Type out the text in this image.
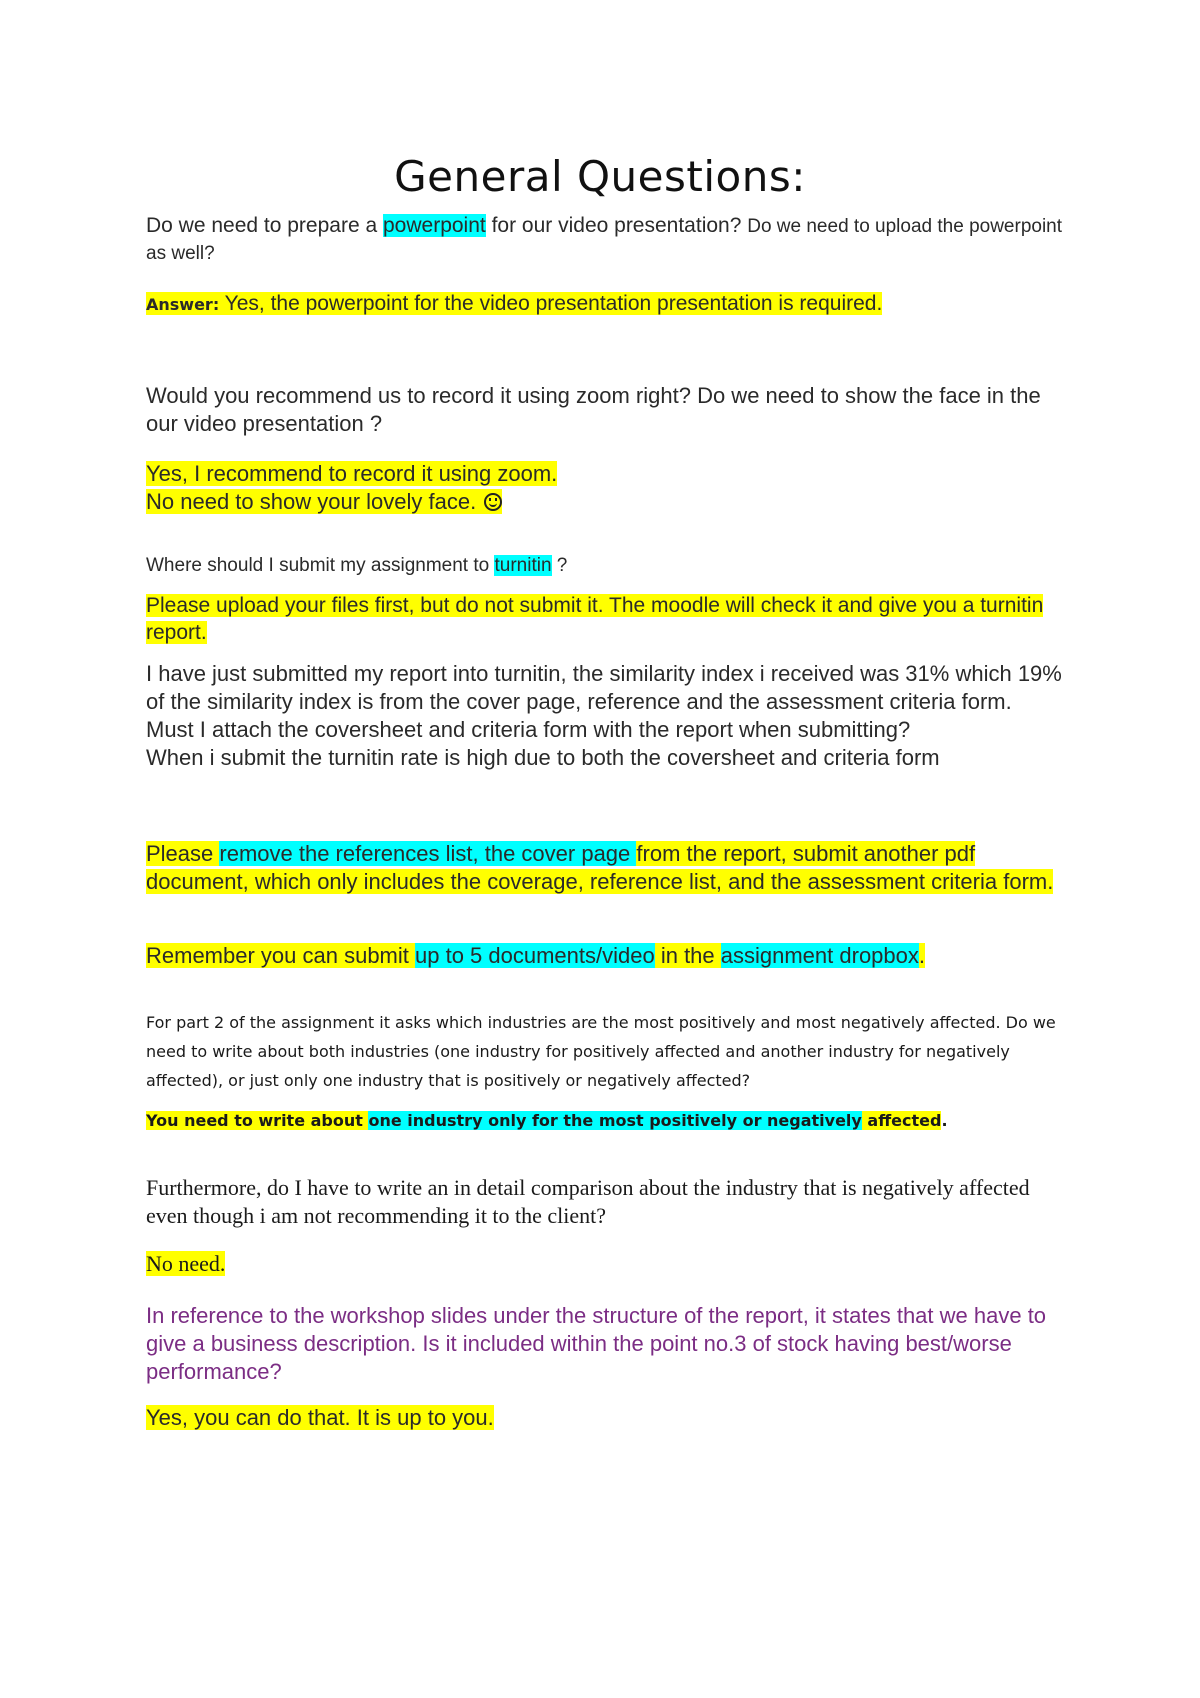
General Questions:

Do we need to prepare a powerpoint for our video presentation? Do we need to upload the powerpoint as well?

Answer: Yes, the powerpoint for the video presentation presentation is required.

Would you recommend us to record it using zoom right? Do we need to show the face in the our video presentation ?

Yes, I recommend to record it using zoom.
No need to show your lovely face.

Where should I submit my assignment to turnitin ?

Please upload your files first, but do not submit it. The moodle will check it and give you a turnitin report.

I have just submitted my report into turnitin, the similarity index i received was 31% which 19% of the similarity index is from the cover page, reference and the assessment criteria form.
Must I attach the coversheet and criteria form with the report when submitting?
When i submit the turnitin rate is high due to both the coversheet and criteria form

Please remove the references list, the cover page from the report, submit another pdf document, which only includes the coverage, reference list, and the assessment criteria form.

Remember you can submit up to 5 documents/video in the assignment dropbox.

For part 2 of the assignment it asks which industries are the most positively and most negatively affected. Do we need to write about both industries (one industry for positively affected and another industry for negatively affected), or just only one industry that is positively or negatively affected?

You need to write about one industry only for the most positively or negatively affected.

Furthermore, do I have to write an in detail comparison about the industry that is negatively affected even though i am not recommending it to the client?

No need.

In reference to the workshop slides under the structure of the report, it states that we have to give a business description. Is it included within the point no.3 of stock having best/worse performance?

Yes, you can do that. It is up to you.
